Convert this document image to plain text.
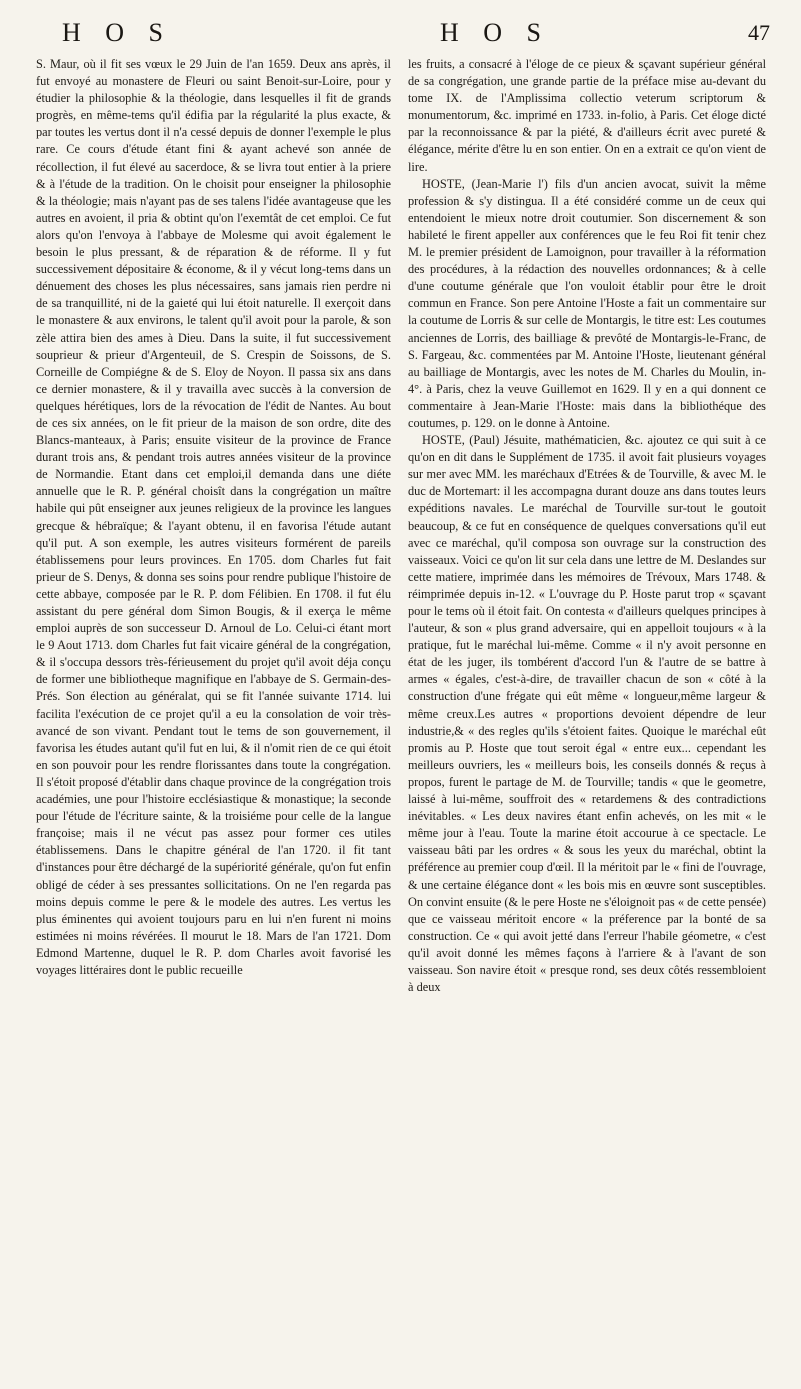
H O S	H O S	47

S. Maur, où il fit ses vœux le 29 Juin de l'an 1659. Deux ans après, il fut envoyé au monastere de Fleuri ou saint Benoit-sur-Loire, pour y étudier la philosophie & la théologie, dans lesquelles il fit de grands progrès, en même-tems qu'il édifia par la régularité la plus exacte, & par toutes les vertus dont il n'a cessé depuis de donner l'exemple le plus rare. Ce cours d'étude étant fini & ayant achevé son année de récollection, il fut élevé au sacerdoce, & se livra tout entier à la priere & à l'étude de la tradition. On le choisit pour enseigner la philosophie & la théologie; mais n'ayant pas de ses talens l'idée avantageuse que les autres en avoient, il pria & obtint qu'on l'exemtât de cet emploi. Ce fut alors qu'on l'envoya à l'abbaye de Molesme qui avoit également le besoin le plus pressant, & de réparation & de réforme. Il y fut successivement dépositaire & économe, & il y vécut long-tems dans un dénuement des choses les plus nécessaires, sans jamais rien perdre ni de sa tranquillité, ni de la gaieté qui lui étoit naturelle. Il exerçoit dans le monastere & aux environs, le talent qu'il avoit pour la parole, & son zèle attira bien des ames à Dieu. Dans la suite, il fut successivement souprieur & prieur d'Argenteuil, de S. Crespin de Soissons, de S. Corneille de Compiégne & de S. Eloy de Noyon. Il passa six ans dans ce dernier monastere, & il y travailla avec succès à la conversion de quelques hérétiques, lors de la révocation de l'édit de Nantes. Au bout de ces six années, on le fit prieur de la maison de son ordre, dite des Blancs-manteaux, à Paris; ensuite visiteur de la province de France durant trois ans, & pendant trois autres années visiteur de la province de Normandie. Etant dans cet emploi,il demanda dans une diéte annuelle que le R. P. général choisît dans la congrégation un maître habile qui pût enseigner aux jeunes religieux de la province les langues grecque & hébraïque; & l'ayant obtenu, il en favorisa l'étude autant qu'il put. A son exemple, les autres visiteurs formérent de pareils établissemens pour leurs provinces. En 1705. dom Charles fut fait prieur de S. Denys, & donna ses soins pour rendre publique l'histoire de cette abbaye, composée par le R. P. dom Félibien. En 1708. il fut élu assistant du pere général dom Simon Bougis, & il exerça le même emploi auprès de son successeur D. Arnoul de Lo. Celui-ci étant mort le 9 Aout 1713. dom Charles fut fait vicaire général de la congrégation, & il s'occupa dessors très-férieusement du projet qu'il avoit déja conçu de former une bibliotheque magnifique en l'abbaye de S. Germain-des-Prés. Son élection au généralat, qui se fit l'année suivante 1714. lui facilita l'exécution de ce projet qu'il a eu la consolation de voir très-avancé de son vivant. Pendant tout le tems de son gouvernement, il favorisa les études autant qu'il fut en lui, & il n'omit rien de ce qui étoit en son pouvoir pour les rendre florissantes dans toute la congrégation. Il s'étoit proposé d'établir dans chaque province de la congrégation trois académies, une pour l'histoire ecclésiastique & monastique; la seconde pour l'étude de l'écriture sainte, & la troisiéme pour celle de la langue françoise; mais il ne vécut pas assez pour former ces utiles établissemens. Dans le chapitre général de l'an 1720. il fit tant d'instances pour être déchargé de la supériorité générale, qu'on fut enfin obligé de céder à ses pressantes sollicitations. On ne l'en regarda pas moins depuis comme le pere & le modele des autres. Les vertus les plus éminentes qui avoient toujours paru en lui n'en furent ni moins estimées ni moins révérées. Il mourut le 18. Mars de l'an 1721. Dom Edmond Martenne, duquel le R. P. dom Charles avoit favorisé les voyages littéraires dont le public recueille

les fruits, a consacré à l'éloge de ce pieux & sçavant supérieur général de sa congrégation, une grande partie de la préface mise au-devant du tome IX. de l'Amplissima collectio veterum scriptorum & monumentorum, &c. imprimé en 1733. in-folio, à Paris. Cet éloge dicté par la reconnoissance & par la piété, & d'ailleurs écrit avec pureté & élégance, mérite d'être lu en son entier. On en a extrait ce qu'on vient de lire.

HOSTE, (Jean-Marie l') fils d'un ancien avocat, suivit la même profession & s'y distingua. Il a été considéré comme un de ceux qui entendoient le mieux notre droit coutumier. Son discernement & son habileté le firent appeller aux conférences que le feu Roi fit tenir chez M. le premier président de Lamoignon, pour travailler à la réformation des procédures, à la rédaction des nouvelles ordonnances; & à celle d'une coutume générale que l'on vouloit établir pour être le droit commun en France. Son pere Antoine l'Hoste a fait un commentaire sur la coutume de Lorris & sur celle de Montargis, le titre est: Les coutumes anciennes de Lorris, des bailliage & prevôté de Montargis-le-Franc, de S. Fargeau, &c. commentées par M. Antoine l'Hoste, lieutenant général au bailliage de Montargis, avec les notes de M. Charles du Moulin, in-4°. à Paris, chez la veuve Guillemot en 1629. Il y en a qui donnent ce commentaire à Jean-Marie l'Hoste: mais dans la bibliothéque des coutumes, p. 129. on le donne à Antoine.

HOSTE, (Paul) Jésuite, mathématicien, &c. ajoutez ce qui suit à ce qu'on en dit dans le Supplément de 1735. il avoit fait plusieurs voyages sur mer avec MM. les maréchaux d'Etrées & de Tourville, & avec M. le duc de Mortemart: il les accompagna durant douze ans dans toutes leurs expéditions navales. Le maréchal de Tourville sur-tout le goutoit beaucoup, & ce fut en conséquence de quelques conversations qu'il eut avec ce maréchal, qu'il composa son ouvrage sur la construction des vaisseaux. Voici ce qu'on lit sur cela dans une lettre de M. Deslandes sur cette matiere, imprimée dans les mémoires de Trévoux, Mars 1748. & réimprimée depuis in-12. « L'ouvrage du P. Hoste parut trop « sçavant pour le tems où il étoit fait. On contesta « d'ailleurs quelques principes à l'auteur, & son « plus grand adversaire, qui en appelloit toujours « à la pratique, fut le maréchal lui-même. Comme « il n'y avoit personne en état de les juger, ils tombérent d'accord l'un & l'autre de se battre à armes « égales, c'est-à-dire, de travailler chacun de son « côté à la construction d'une frégate qui eût même « longueur,même largeur & même creux.Les autres « proportions devoient dépendre de leur industrie,& « des regles qu'ils s'étoient faites. Quoique le maréchal eût promis au P. Hoste que tout seroit égal « entre eux... cependant les meilleurs ouvriers, les « meilleurs bois, les conseils donnés & reçus à propos, furent le partage de M. de Tourville; tandis « que le geometre, laissé à lui-même, souffroit des « retardemens & des contradictions inévitables. « Les deux navires étant enfin achevés, on les mit « le même jour à l'eau. Toute la marine étoit accourue à ce spectacle. Le vaisseau bâti par les ordres « & sous les yeux du maréchal, obtint la préférence au premier coup d'œil. Il la méritoit par le « fini de l'ouvrage, & une certaine élégance dont « les bois mis en œuvre sont susceptibles. On convint ensuite (& le pere Hoste ne s'éloignoit pas « de cette pensée) que ce vaisseau méritoit encore « la préference par la bonté de sa construction. Ce « qui avoit jetté dans l'erreur l'habile géometre, « c'est qu'il avoit donné les mêmes façons à l'arriere & à l'avant de son vaisseau. Son navire étoit « presque rond, ses deux côtés ressembloient à deux
